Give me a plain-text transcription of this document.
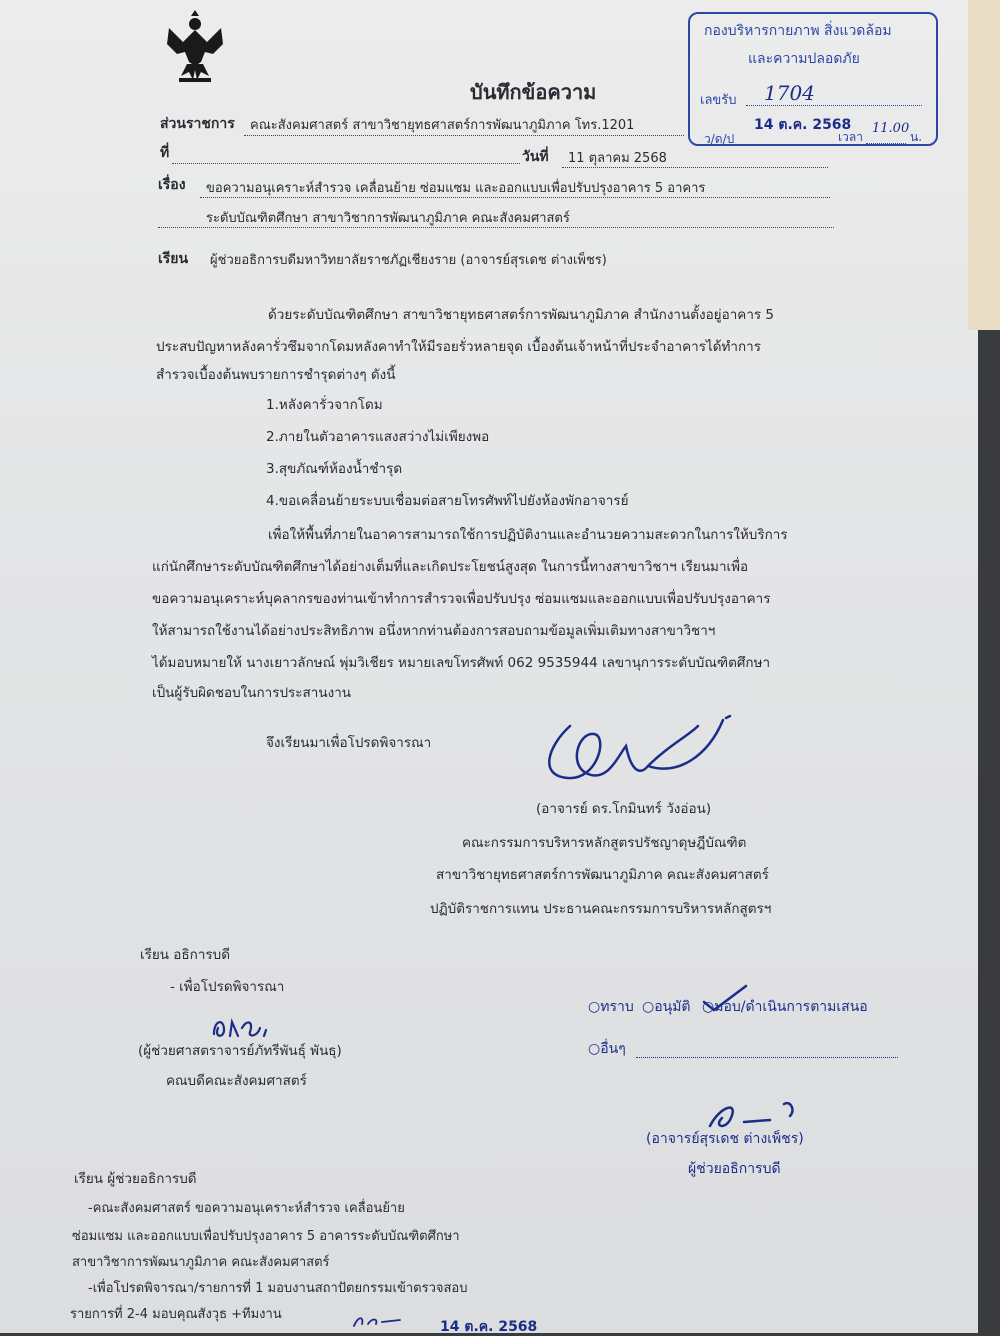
บันทึกข้อความ
กองบริหารกายภาพ สิ่งแวดล้อม
และความปลอดภัย
เลขรับ 1704
ว/ด/ป
14 ต.ค. 2568
เวลา
11.00
น.
ส่วนราชการ คณะสังคมศาสตร์ สาขาวิชายุทธศาสตร์การพัฒนาภูมิภาค โทร.1201
ที่	วันที่ 11 ตุลาคม 2568
เรื่อง ขอความอนุเคราะห์สำรวจ เคลื่อนย้าย ซ่อมแซม และออกแบบเพื่อปรับปรุงอาคาร 5 อาคาร
ระดับบัณฑิตศึกษา สาขาวิชาการพัฒนาภูมิภาค คณะสังคมศาสตร์
เรียน ผู้ช่วยอธิการบดีมหาวิทยาลัยราชภัฏเชียงราย (อาจารย์สุรเดช ต่างเพ็ชร)
ด้วยระดับบัณฑิตศึกษา สาขาวิชายุทธศาสตร์การพัฒนาภูมิภาค สำนักงานตั้งอยู่อาคาร 5
ประสบปัญหาหลังคารั่วซึมจากโดมหลังคาทำให้มีรอยรั่วหลายจุด เบื้องต้นเจ้าหน้าที่ประจำอาคารได้ทำการ
สำรวจเบื้องต้นพบรายการชำรุดต่างๆ ดังนี้
1.หลังคารั่วจากโดม
2.ภายในตัวอาคารแสงสว่างไม่เพียงพอ
3.สุขภัณฑ์ห้องน้ำชำรุด
4.ขอเคลื่อนย้ายระบบเชื่อมต่อสายโทรศัพท์ไปยังห้องพักอาจารย์
เพื่อให้พื้นที่ภายในอาคารสามารถใช้การปฏิบัติงานและอำนวยความสะดวกในการให้บริการ
แก่นักศึกษาระดับบัณฑิตศึกษาได้อย่างเต็มที่และเกิดประโยชน์สูงสุด ในการนี้ทางสาขาวิชาฯ เรียนมาเพื่อ
ขอความอนุเคราะห์บุคลากรของท่านเข้าทำการสำรวจเพื่อปรับปรุง ซ่อมแซมและออกแบบเพื่อปรับปรุงอาคาร
ให้สามารถใช้งานได้อย่างประสิทธิภาพ อนึ่งหากท่านต้องการสอบถามข้อมูลเพิ่มเติมทางสาขาวิชาฯ
ได้มอบหมายให้ นางเยาวลักษณ์ พุ่มวิเชียร หมายเลขโทรศัพท์ 062 9535944 เลขานุการระดับบัณฑิตศึกษา
เป็นผู้รับผิดชอบในการประสานงาน
จึงเรียนมาเพื่อโปรดพิจารณา
(อาจารย์ ดร.โกมินทร์ วังอ่อน)
คณะกรรมการบริหารหลักสูตรปรัชญาดุษฎีบัณฑิต
สาขาวิชายุทธศาสตร์การพัฒนาภูมิภาค คณะสังคมศาสตร์
ปฏิบัติราชการแทน ประธานคณะกรรมการบริหารหลักสูตรฯ
เรียน อธิการบดี
- เพื่อโปรดพิจารณา
(ผู้ช่วยศาสตราจารย์ภัทรีพันธุ์ พันธุ)
คณบดีคณะสังคมศาสตร์
○ทราบ ○อนุมัติ ○มอบ/ดำเนินการตามเสนอ
○อื่นๆ
(อาจารย์สุรเดช ต่างเพ็ชร)
ผู้ช่วยอธิการบดี
เรียน ผู้ช่วยอธิการบดี
-คณะสังคมศาสตร์ ขอความอนุเคราะห์สำรวจ เคลื่อนย้าย
ซ่อมแซม และออกแบบเพื่อปรับปรุงอาคาร 5 อาคารระดับบัณฑิตศึกษา
สาขาวิชาการพัฒนาภูมิภาค คณะสังคมศาสตร์
-เพื่อโปรดพิจารณา/รายการที่ 1 มอบงานสถาปัตยกรรมเข้าตรวจสอบ
รายการที่ 2-4 มอบคุณสังวุธ +ทีมงาน
14 ต.ค. 2568
